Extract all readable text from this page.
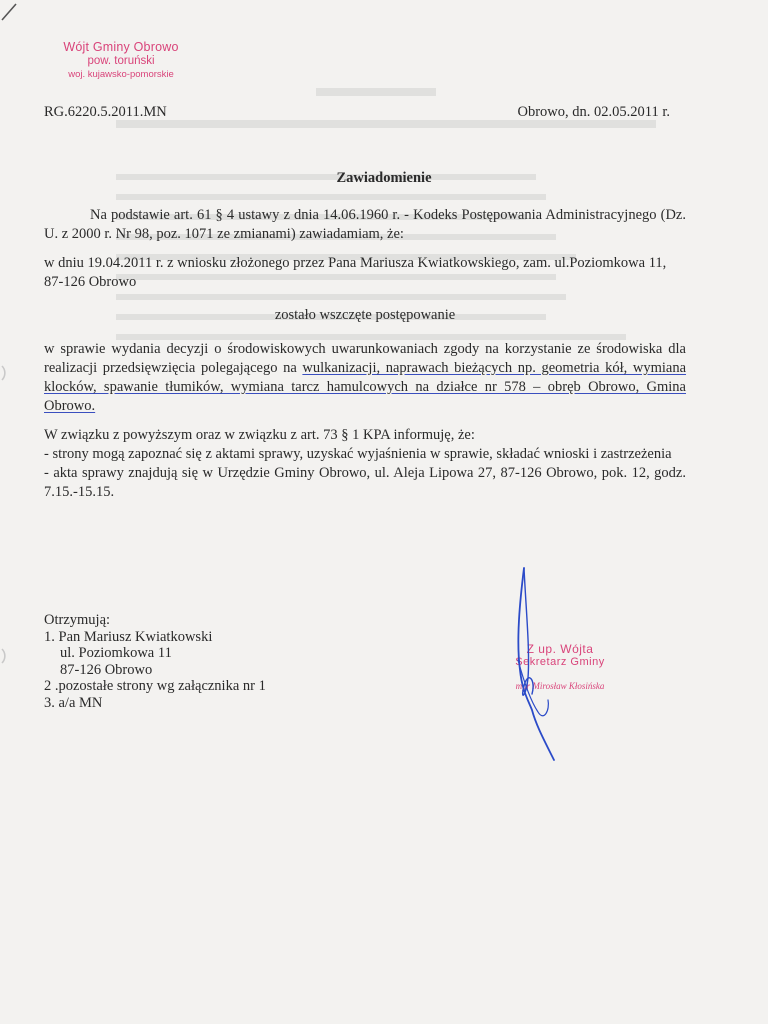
Wójt Gminy Obrowo
pow. toruński
woj. kujawsko-pomorskie
RG.6220.5.2011.MN	Obrowo, dn. 02.05.2011 r.
Zawiadomienie
Na podstawie art. 61 § 4 ustawy z dnia 14.06.1960 r. - Kodeks Postępowania Administracyjnego (Dz. U. z 2000 r. Nr 98, poz. 1071 ze zmianami) zawiadamiam, że:
w dniu 19.04.2011 r. z wniosku złożonego przez Pana Mariusza Kwiatkowskiego, zam. ul.Poziomkowa 11, 87-126 Obrowo
zostało wszczęte postępowanie
w sprawie wydania decyzji o środowiskowych uwarunkowaniach zgody na korzystanie ze środowiska dla realizacji przedsięwzięcia polegającego na wulkanizacji, naprawach bieżących np. geometria kół, wymiana klocków, spawanie tłumików, wymiana tarcz hamulcowych na działce nr 578 – obręb Obrowo, Gmina Obrowo.
W związku z powyższym oraz w związku z art. 73 § 1 KPA informuję, że:
- strony mogą zapoznać się z aktami sprawy, uzyskać wyjaśnienia w sprawie, składać wnioski i zastrzeżenia
- akta sprawy znajdują się w Urzędzie Gminy Obrowo, ul. Aleja Lipowa 27, 87-126 Obrowo, pok. 12, godz. 7.15.-15.15.
Otrzymują:
1. Pan Mariusz Kwiatkowski
ul. Poziomkowa 11
87-126 Obrowo
2 .pozostałe strony wg załącznika nr 1
3. a/a MN
Z up. Wójta
Sekretarz Gminy
mgr Mirosław Kłosińska
